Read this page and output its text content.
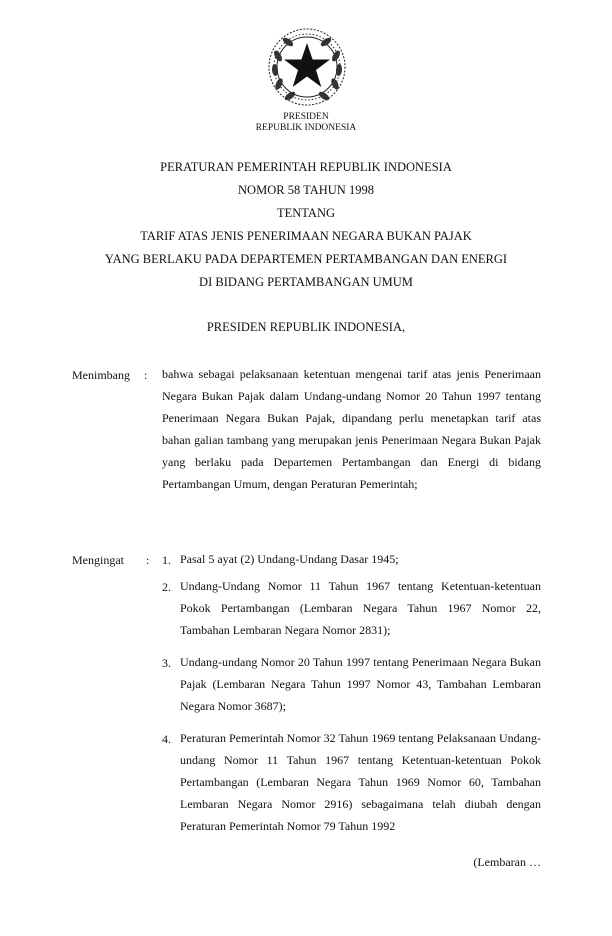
PRESIDEN
REPUBLIK INDONESIA
PERATURAN PEMERINTAH REPUBLIK INDONESIA
NOMOR 58 TAHUN 1998
TENTANG
TARIF ATAS JENIS PENERIMAAN NEGARA BUKAN PAJAK
YANG BERLAKU PADA DEPARTEMEN PERTAMBANGAN DAN ENERGI
DI BIDANG PERTAMBANGAN UMUM
PRESIDEN REPUBLIK INDONESIA,
Menimbang : bahwa sebagai pelaksanaan ketentuan mengenai tarif atas jenis Penerimaan Negara Bukan Pajak dalam Undang-undang Nomor 20 Tahun 1997 tentang Penerimaan Negara Bukan Pajak, dipandang perlu menetapkan tarif atas bahan galian tambang yang merupakan jenis Penerimaan Negara Bukan Pajak yang berlaku pada Departemen Pertambangan dan Energi di bidang Pertambangan Umum, dengan Peraturan Pemerintah;
Mengingat : 1. Pasal 5 ayat (2) Undang-Undang Dasar 1945;
2. Undang-Undang Nomor 11 Tahun 1967 tentang Ketentuan-ketentuan Pokok Pertambangan (Lembaran Negara Tahun 1967 Nomor 22, Tambahan Lembaran Negara Nomor 2831);
3. Undang-undang Nomor 20 Tahun 1997 tentang Penerimaan Negara Bukan Pajak (Lembaran Negara Tahun 1997 Nomor 43, Tambahan Lembaran Negara Nomor 3687);
4. Peraturan Pemerintah Nomor 32 Tahun 1969 tentang Pelaksanaan Undang-undang Nomor 11 Tahun 1967 tentang Ketentuan-ketentuan Pokok Pertambangan (Lembaran Negara Tahun 1969 Nomor 60, Tambahan Lembaran Negara Nomor 2916) sebagaimana telah diubah dengan Peraturan Pemerintah Nomor 79 Tahun 1992
(Lembaran …
